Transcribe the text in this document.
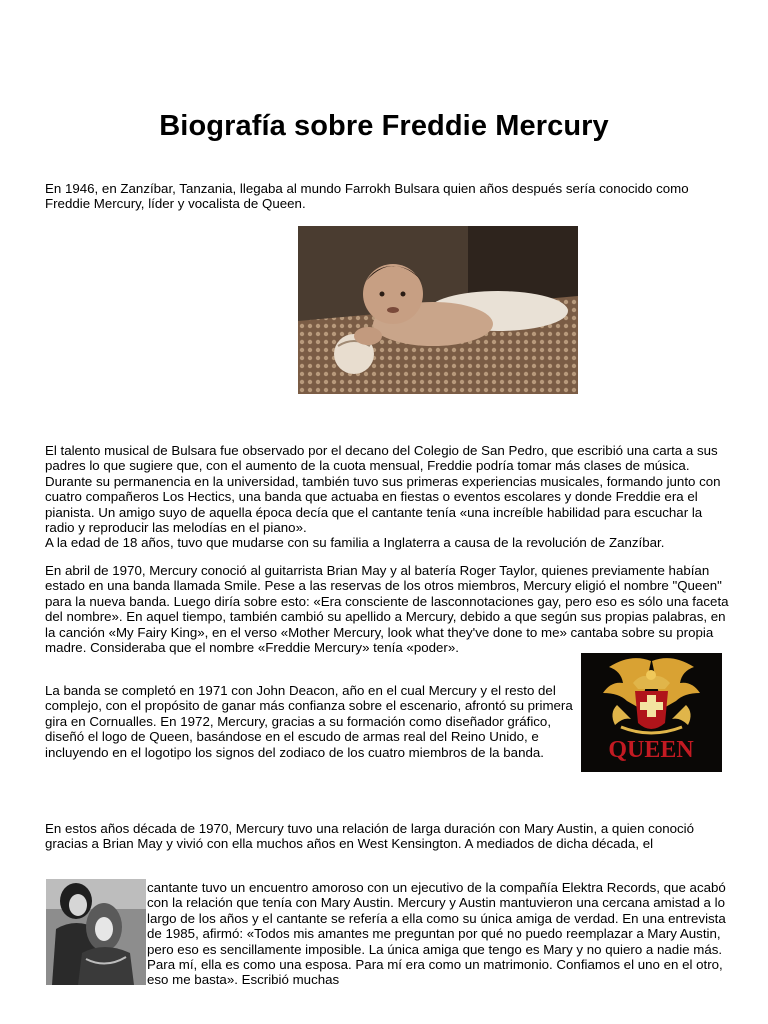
Biografía sobre Freddie Mercury

En 1946, en Zanzíbar, Tanzania, llegaba al mundo Farrokh Bulsara quien años después sería conocido como Freddie Mercury, líder y vocalista de Queen.

El talento musical de Bulsara fue observado por el decano del Colegio de San Pedro, que escribió una carta a sus padres lo que sugiere que, con el aumento de la cuota mensual, Freddie podría tomar más clases de música. Durante su permanencia en la universidad, también tuvo sus primeras experiencias musicales, formando junto con cuatro compañeros Los Hectics, una banda que actuaba en fiestas o eventos escolares y donde Freddie era el pianista. Un amigo suyo de aquella época decía que el cantante tenía «una increíble habilidad para escuchar la radio y reproducir las melodías en el piano».
A la edad de 18 años, tuvo que mudarse con su familia a Inglaterra a causa de la revolución de Zanzíbar.

En abril de 1970, Mercury conoció al guitarrista Brian May y al batería Roger Taylor, quienes previamente habían estado en una banda llamada Smile. Pese a las reservas de los otros miembros, Mercury eligió el nombre "Queen" para la nueva banda. Luego diría sobre esto: «Era consciente de lasconnotaciones gay, pero eso es sólo una faceta del nombre». En aquel tiempo, también cambió su apellido a Mercury, debido a que según sus propias palabras, en la canción «My Fairy King», en el verso «Mother Mercury, look what they've done to me» cantaba sobre su propia madre. Consideraba que el nombre «Freddie Mercury» tenía «poder».

La banda se completó en 1971 con John Deacon, año en el cual Mercury y el resto del complejo, con el propósito de ganar más confianza sobre el escenario, afrontó su primera gira en Cornualles. En 1972, Mercury, gracias a su formación como diseñador gráfico, diseñó el logo de Queen, basándose en el escudo de armas real del Reino Unido, e incluyendo en el logotipo los signos del zodiaco de los cuatro miembros de la banda.	QUEEN

En estos años década de 1970, Mercury tuvo una relación de larga duración con Mary Austin, a quien conoció gracias a Brian May y vivió con ella muchos años en West Kensington. A mediados de dicha década, el

cantante tuvo un encuentro amoroso con un ejecutivo de la compañía Elektra Records, que acabó con la relación que tenía con Mary Austin. Mercury y Austin mantuvieron una cercana amistad a lo largo de los años y el cantante se refería a ella como su única amiga de verdad. En una entrevista de 1985, afirmó: «Todos mis amantes me preguntan por qué no puedo reemplazar a Mary Austin, pero eso es sencillamente imposible. La única amiga que tengo es Mary y no quiero a nadie más. Para mí, ella es como una esposa. Para mí era como un matrimonio. Confiamos el uno en el otro, eso me basta». Escribió muchas
